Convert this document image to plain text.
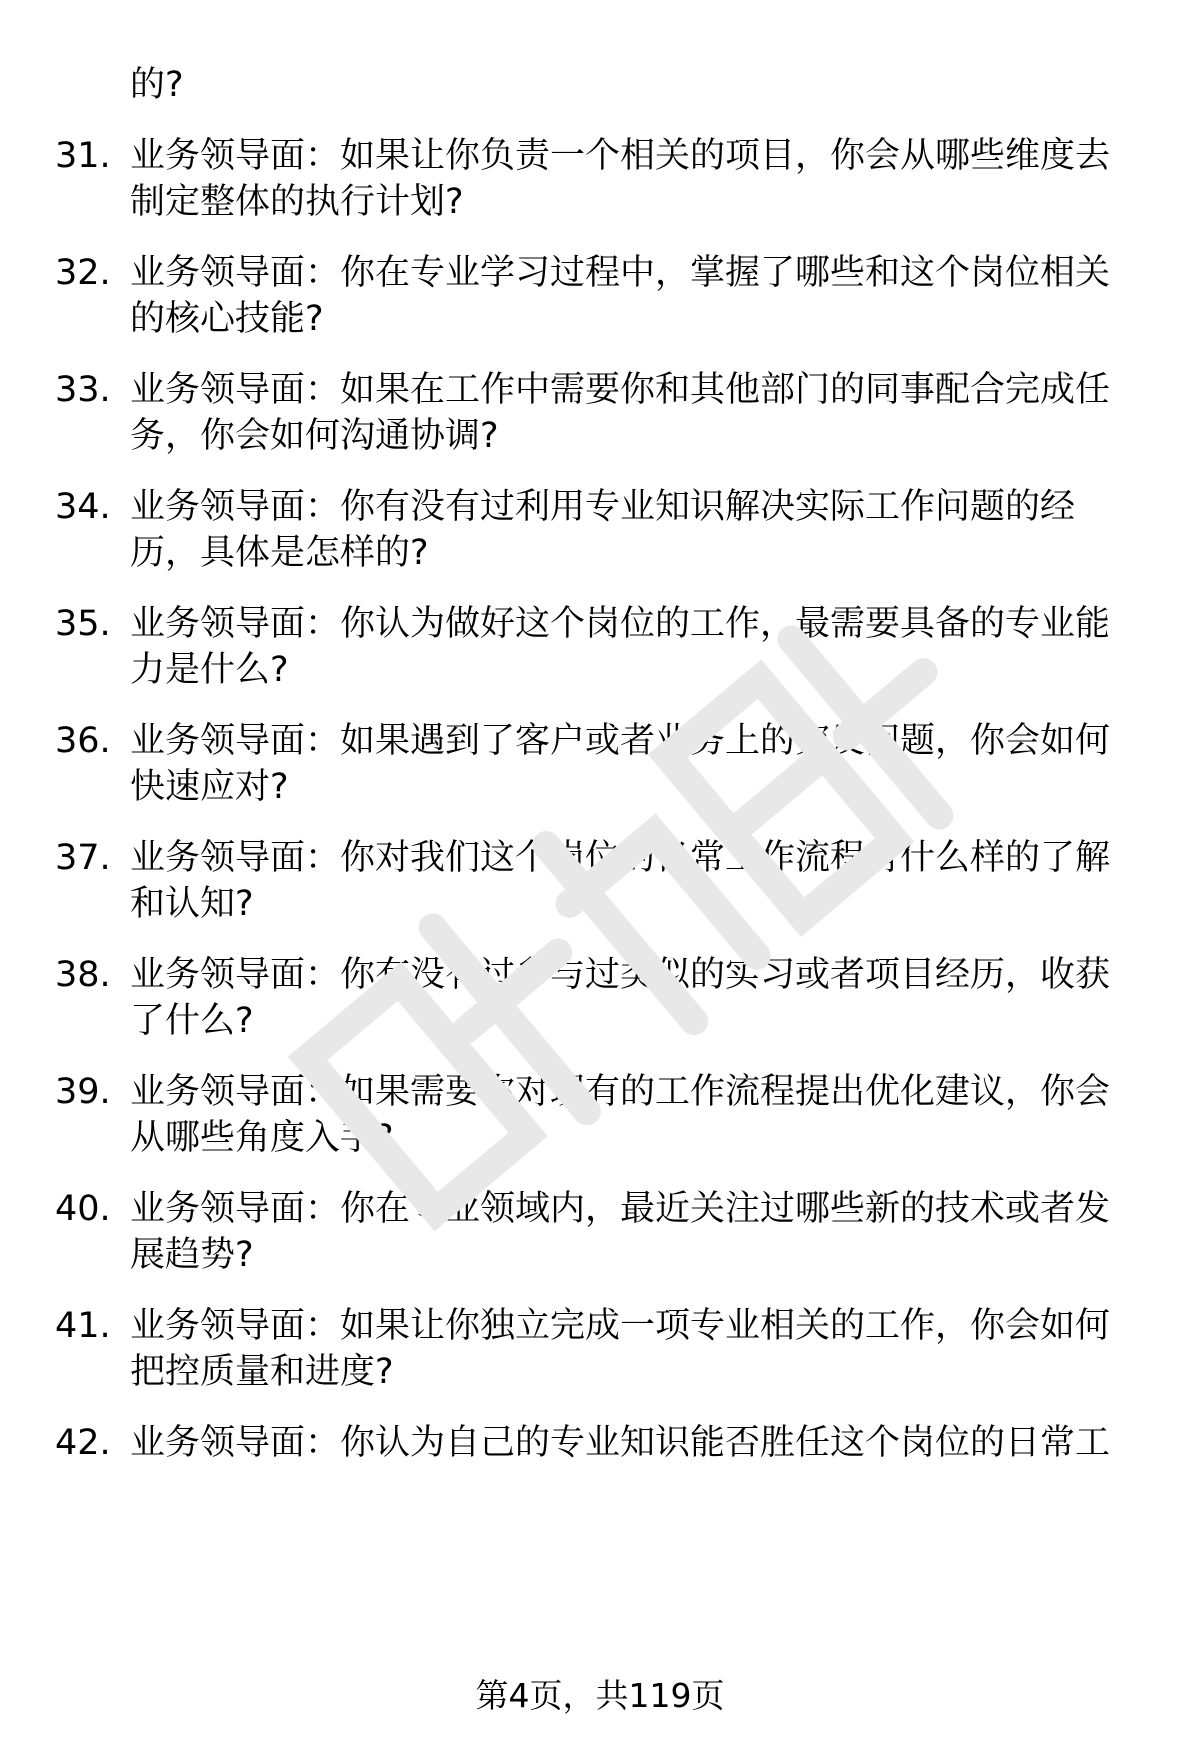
的?
31. 业务领导面：如果让你负责一个相关的项目，你会从哪些维度去
制定整体的执行计划?
32. 业务领导面：你在专业学习过程中，掌握了哪些和这个岗位相关
的核心技能?
33. 业务领导面：如果在工作中需要你和其他部门的同事配合完成任
务，你会如何沟通协调?
34. 业务领导面：你有没有过利用专业知识解决实际工作问题的经
历，具体是怎样的?
35. 业务领导面：你认为做好这个岗位的工作，最需要具备的专业能
力是什么?
36. 业务领导面：如果遇到了客户或者业务上的突发问题，你会如何
快速应对?
37. 业务领导面：你对我们这个岗位的日常工作流程有什么样的了解
和认知?
38. 业务领导面：你有没有过参与过类似的实习或者项目经历，收获
了什么?
39. 业务领导面：如果需要你对现有的工作流程提出优化建议，你会
从哪些角度入手?
40. 业务领导面：你在专业领域内，最近关注过哪些新的技术或者发
展趋势?
41. 业务领导面：如果让你独立完成一项专业相关的工作，你会如何
把控质量和进度?
42. 业务领导面：你认为自己的专业知识能否胜任这个岗位的日常工
第4页，共119页
